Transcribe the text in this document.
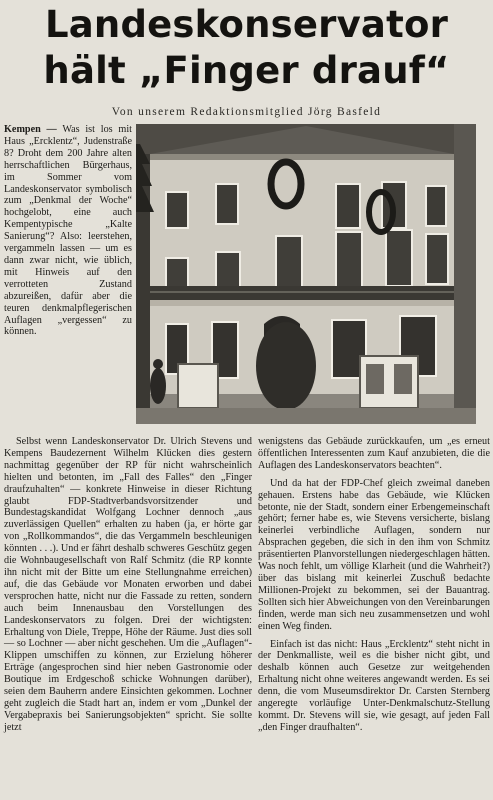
Landeskonservator
hält „Finger drauf“
Von unserem Redaktionsmitglied Jörg Basfeld

Kempen — Was ist los mit Haus „Ercklentz“, Judenstraße 8? Droht dem 200 Jahre alten herrschaftlichen Bürgerhaus, im Sommer vom Landeskonservator symbolisch zum „Denkmal der Woche“ hochgelobt, eine auch Kempentypische „Kalte Sanierung“? Also: leerstehen, vergammeln lassen — um es dann zwar nicht, wie üblich, mit Hinweis auf den verrotteten Zustand abzureißen, dafür aber die teuren denkmalpflegerischen Auflagen „vergessen“ zu können.

Selbst wenn Landeskonservator Dr. Ulrich Stevens und Kempens Baudezernent Wilhelm Klücken dies gestern nachmittag gegenüber der RP für nicht wahrscheinlich hielten und betonten, im „Fall des Falles“ den „Finger draufzuhalten“ — konkrete Hinweise in dieser Richtung glaubt FDP-Stadtverbandsvorsitzender und Bundestagskandidat Wolfgang Lochner dennoch „aus zuverlässigen Quellen“ erhalten zu haben (ja, er hörte gar von „Rollkommandos“, die das Vergammeln beschleunigen könnten . . .). Und er fährt deshalb schweres Geschütz gegen die Wohnbaugesellschaft von Ralf Schmitz (die RP konnte ihn nicht mit der Bitte um eine Stellungnahme erreichen) auf, die das Gebäude vor Monaten erworben und dabei versprochen hatte, nicht nur die Fassade zu retten, sondern auch beim Innenausbau den Vorstellungen des Landeskonservators zu folgen. Drei der wichtigsten: Erhaltung von Diele, Treppe, Höhe der Räume. Just dies soll — so Lochner — aber nicht geschehen. Um die „Auflagen“-Klippen umschiffen zu können, zur Erzielung höherer Erträge (angesprochen sind hier neben Gastronomie oder Boutique im Erdgeschoß schicke Wohnungen darüber), seien dem Bauherrn andere Einsichten gekommen. Lochner geht zugleich die Stadt hart an, indem er vom „Dunkel der Vergabepraxis bei Sanierungsobjekten“ spricht. Sie sollte jetzt

wenigstens das Gebäude zurückkaufen, um „es erneut öffentlichen Interessenten zum Kauf anzubieten, die die Auflagen des Landeskonservators beachten“.

Und da hat der FDP-Chef gleich zweimal daneben gehauen. Erstens habe das Gebäude, wie Klücken betonte, nie der Stadt, sondern einer Erbengemeinschaft gehört; ferner habe es, wie Stevens versicherte, bislang keinerlei verbindliche Auflagen, sondern nur Absprachen gegeben, die sich in den ihm von Schmitz präsentierten Planvorstellungen niedergeschlagen hätten. Was noch fehlt, um völlige Klarheit (und die Wahrheit?) über das bislang mit keinerlei Zuschuß bedachte Millionen-Projekt zu bekommen, sei der Bauantrag. Sollten sich hier Abweichungen von den Vereinbarungen finden, werde man sich neu zusammensetzen und wohl einen Weg finden.

Einfach ist das nicht: Haus „Ercklentz“ steht nicht in der Denkmalliste, weil es die bisher nicht gibt, und deshalb können auch Gesetze zur weitgehenden Erhaltung nicht ohne weiteres angewandt werden. Es sei denn, die vom Museumsdirektor Dr. Carsten Sternberg angeregte vorläufige Unter-Denkmalschutz-Stellung kommt. Dr. Stevens will sie, wie gesagt, auf jeden Fall „den Finger draufhalten“.
